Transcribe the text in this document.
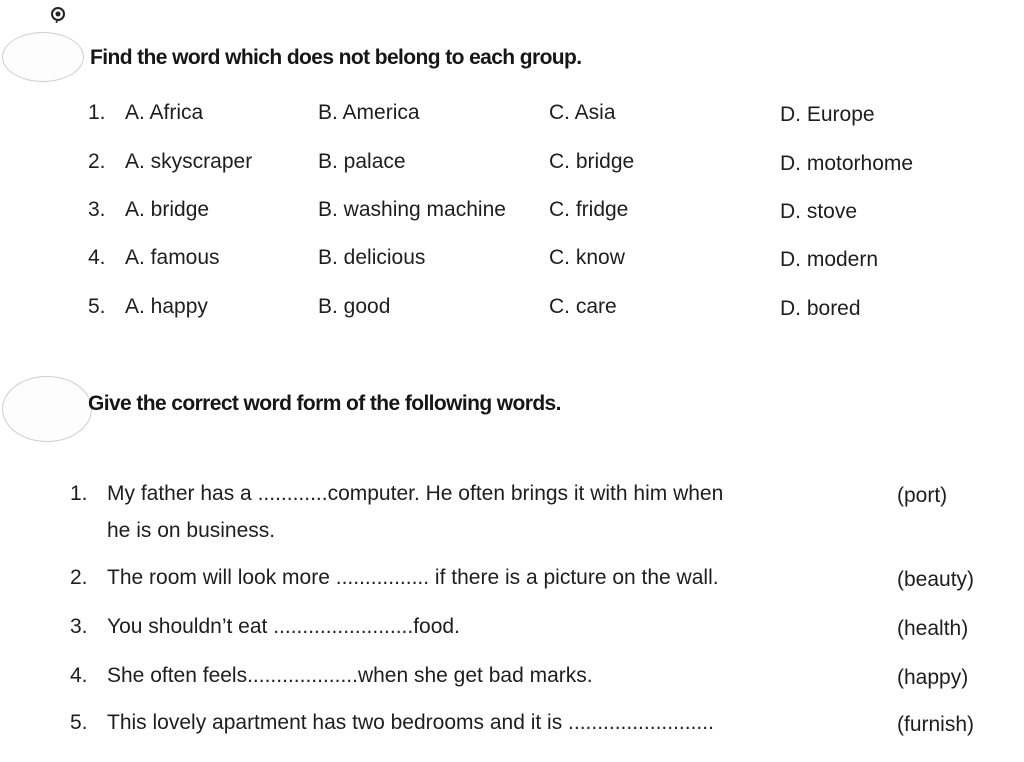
Find the word which does not belong to each group.
1. A. Africa	B. America	C. Asia	D. Europe
2. A. skyscraper	B. palace	C. bridge	D. motorhome
3. A. bridge	B. washing machine C. fridge	D. stove
4. A. famous	B. delicious	C. know	D. modern
5. A. happy	B. good	C. care	D. bored
Give the correct word form of the following words.
1. My father has a ............computer. He often brings it with him when	(port)
he is on business.
2. The room will look more ................ if there is a picture on the wall.	(beauty)
3. You shouldn’t eat ........................food.	(health)
4. She often feels...................when she get bad marks.	(happy)
5. This lovely apartment has two bedrooms and it is .........................	(furnish)
